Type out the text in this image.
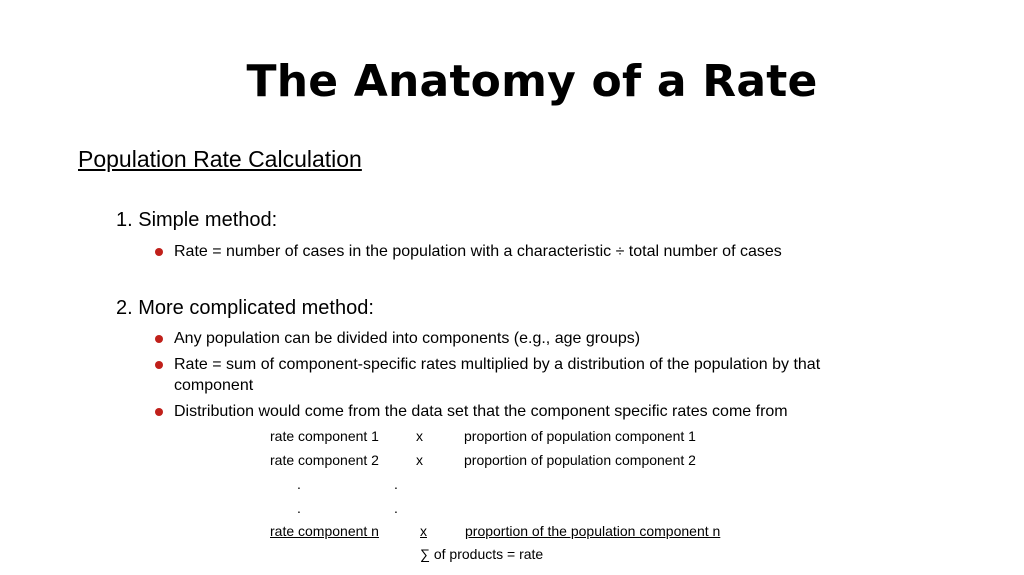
The Anatomy of a Rate
Population Rate Calculation
1. Simple method:
Rate = number of cases in the population with a characteristic ÷ total number of cases
2. More complicated method:
Any population can be divided into components (e.g., age groups)
Rate = sum of component-specific rates multiplied by a distribution of the population by that
component
Distribution would come from the data set that the component specific rates come from
rate component 1	x	proportion of population component 1
rate component 2	x	proportion of population component 2
.	.
.	.
rate component n	x	proportion of the population component n
∑ of products = rate
